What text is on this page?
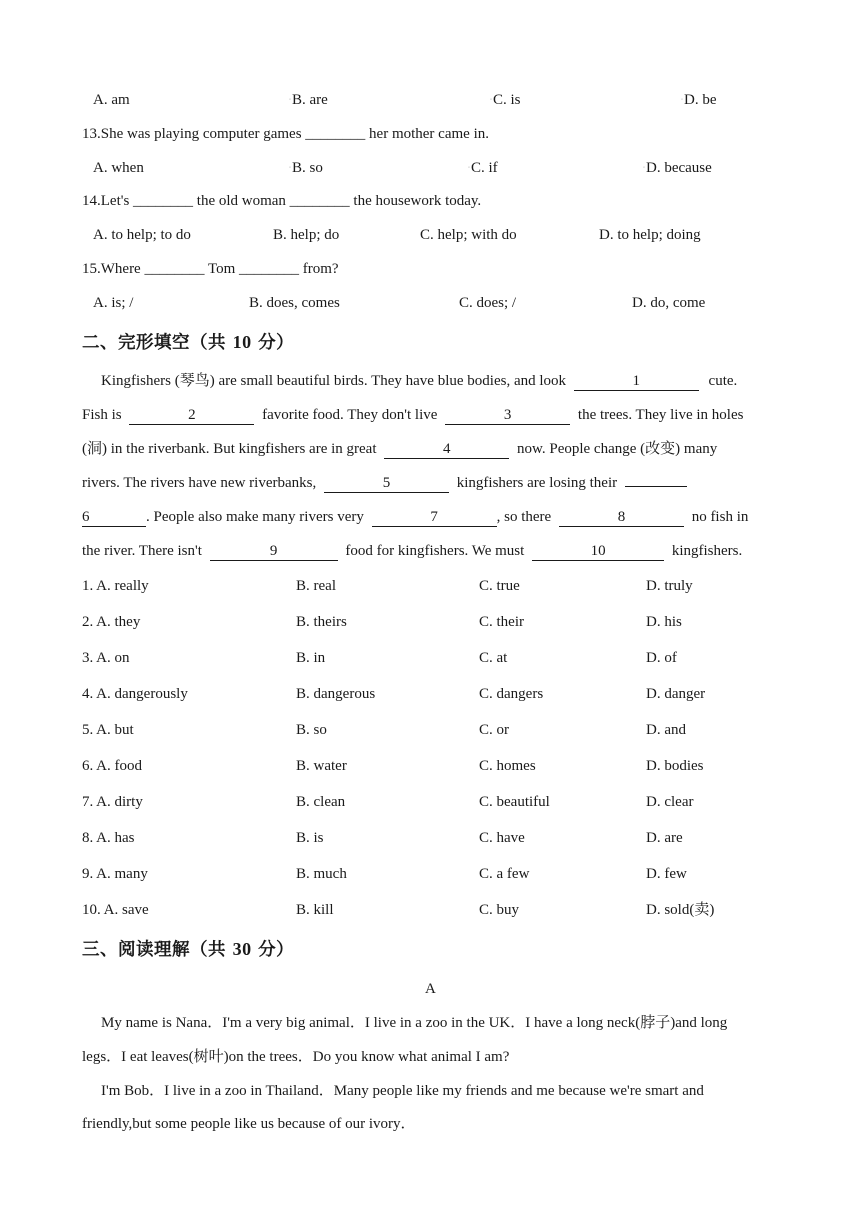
A. am	◦ B. are	◦ C. is	◦ D. be
13.She was playing computer games ________ her mother came in.
A. when	◦ B. so	◦ C. if	◦ D. because
14.Let's ________ the old woman ________ the housework today.
A. to help; to do	B. help; do	C. help; with do	D. to help; doing
15.Where ________ Tom ________ from?
A. is; /	B. does, comes	C. does; /	D. do, come
二、完形填空（共 10 分）
Kingfishers (琴鸟) are small beautiful birds. They have blue bodies, and look	1	cute.
Fish is	2	favorite food. They don't live	3	the trees. They live in holes
(洞) in the riverbank. But kingfishers are in great	4	now. People change (改变) many
rivers. The rivers have new riverbanks,	5	kingfishers are losing their
6	. People also make many rivers very	7	, so there	8	no fish in
the river. There isn't	9	food for kingfishers. We must	10	kingfishers.
1. A. really	B. real	C. true	D. truly
2. A. they	B. theirs	C. their	D. his
3. A. on	B. in	C. at	D. of
4. A. dangerously	B. dangerous	C. dangers	D. danger
5. A. but	B. so	C. or	D. and
6. A. food	B. water	C. homes	D. bodies
7. A. dirty	B. clean	C. beautiful	D. clear
8. A. has	B. is	C. have	D. are
9. A. many	B. much	C. a few	D. few
10. A. save	B. kill	C. buy	D. sold(卖)
三、阅读理解（共 30 分）
A
My name is Nana．I'm a very big animal．I live in a zoo in the UK．I have a long neck(脖子)and long
legs．I eat leaves(树叶)on the trees．Do you know what animal I am?
I'm Bob．I live in a zoo in Thailand．Many people like my friends and me because we're smart and
friendly,but some people like us because of our ivory．
